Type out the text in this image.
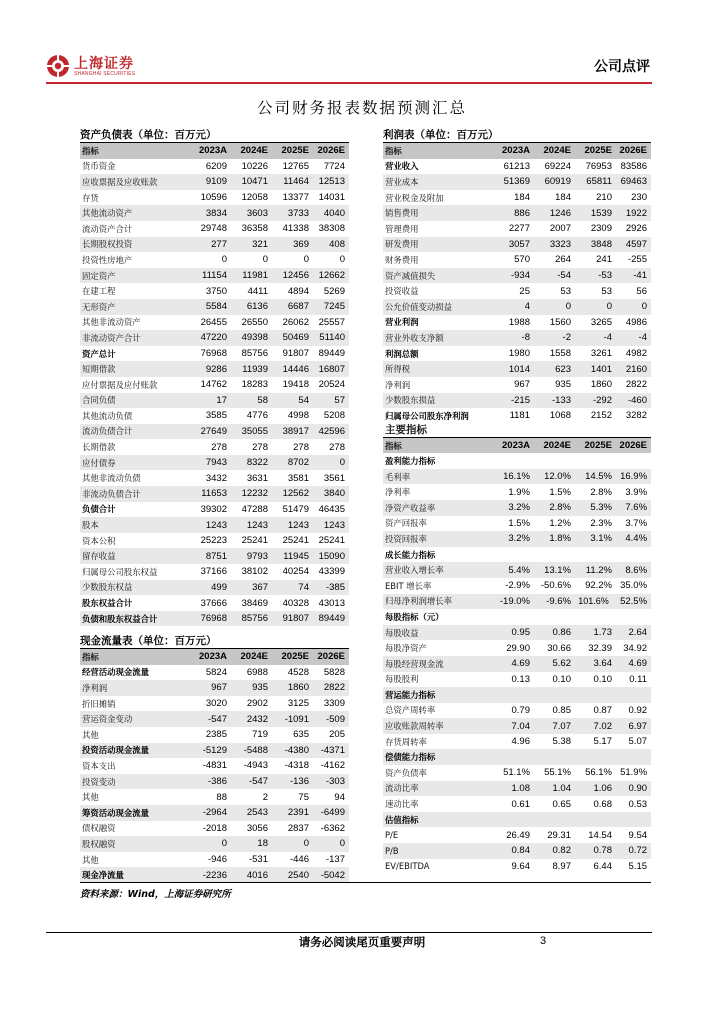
上海证券
SHANGHAI SECURITIES	公司点评
公司财务报表数据预测汇总
资产负债表（单位：百万元）
指标	2023A	2024E	2025E	2026E
货币资金	6209	10226	12765	7724
应收票据及应收账款	9109	10471	11464	12513
存货	10596	12058	13377	14031
其他流动资产	3834	3603	3733	4040
流动资产合计	29748	36358	41338	38308
长期股权投资	277	321	369	408
投资性房地产	0	0	0	0
固定资产	11154	11981	12456	12662
在建工程	3750	4411	4894	5269
无形资产	5584	6136	6687	7245
其他非流动资产	26455	26550	26062	25557
非流动资产合计	47220	49398	50469	51140
资产总计	76968	85756	91807	89449
短期借款	9286	11939	14446	16807
应付票据及应付账款	14762	18283	19418	20524
合同负债	17	58	54	57
其他流动负债	3585	4776	4998	5208
流动负债合计	27649	35055	38917	42596
长期借款	278	278	278	278
应付债券	7943	8322	8702	0
其他非流动负债	3432	3631	3581	3561
非流动负债合计	11653	12232	12562	3840
负债合计	39302	47288	51479	46435
股本	1243	1243	1243	1243
资本公积	25223	25241	25241	25241
留存收益	8751	9793	11945	15090
归属母公司股东权益	37166	38102	40254	43399
少数股东权益	499	367	74	-385
股东权益合计	37666	38469	40328	43013
负债和股东权益合计	76968	85756	91807	89449
现金流量表（单位：百万元）
指标	2023A	2024E	2025E	2026E
经营活动现金流量	5824	6988	4528	5828
净利润	967	935	1860	2822
折旧摊销	3020	2902	3125	3309
营运资金变动	-547	2432	-1091	-509
其他	2385	719	635	205
投资活动现金流量	-5129	-5488	-4380	-4371
资本支出	-4831	-4943	-4318	-4162
投资变动	-386	-547	-136	-303
其他	88	2	75	94
筹资活动现金流量	-2964	2543	2391	-6499
债权融资	-2018	3056	2837	-6362
股权融资	0	18	0	0
其他	-946	-531	-446	-137
现金净流量	-2236	4016	2540	-5042
利润表（单位：百万元）
指标	2023A	2024E	2025E	2026E
营业收入	61213	69224	76953	83586
营业成本	51369	60919	65811	69463
营业税金及附加	184	184	210	230
销售费用	886	1246	1539	1922
管理费用	2277	2007	2309	2926
研发费用	3057	3323	3848	4597
财务费用	570	264	241	-255
资产减值损失	-934	-54	-53	-41
投资收益	25	53	53	56
公允价值变动损益	4	0	0	0
营业利润	1988	1560	3265	4986
营业外收支净额	-8	-2	-4	-4
利润总额	1980	1558	3261	4982
所得税	1014	623	1401	2160
净利润	967	935	1860	2822
少数股东损益	-215	-133	-292	-460
归属母公司股东净利润	1181	1068	2152	3282
主要指标				
指标	2023A	2024E	2025E	2026E
盈利能力指标				
毛利率	16.1%	12.0%	14.5%	16.9%
净利率	1.9%	1.5%	2.8%	3.9%
净资产收益率	3.2%	2.8%	5.3%	7.6%
资产回报率	1.5%	1.2%	2.3%	3.7%
投资回报率	3.2%	1.8%	3.1%	4.4%
成长能力指标				
营业收入增长率	5.4%	13.1%	11.2%	8.6%
EBIT 增长率	-2.9%	-50.6%	92.2%	35.0%
归母净利润增长率	-19.0%	-9.6%	101.6%	52.5%
每股指标（元）				
每股收益	0.95	0.86	1.73	2.64
每股净资产	29.90	30.66	32.39	34.92
每股经营现金流	4.69	5.62	3.64	4.69
每股股利	0.13	0.10	0.10	0.11
营运能力指标				
总资产周转率	0.79	0.85	0.87	0.92
应收账款周转率	7.04	7.07	7.02	6.97
存货周转率	4.96	5.38	5.17	5.07
偿债能力指标				
资产负债率	51.1%	55.1%	56.1%	51.9%
流动比率	1.08	1.04	1.06	0.90
速动比率	0.61	0.65	0.68	0.53
估值指标				
P/E	26.49	29.31	14.54	9.54
P/B	0.84	0.82	0.78	0.72
EV/EBITDA	9.64	8.97	6.44	5.15
资料来源：Wind，上海证券研究所
请务必阅读尾页重要声明	3
